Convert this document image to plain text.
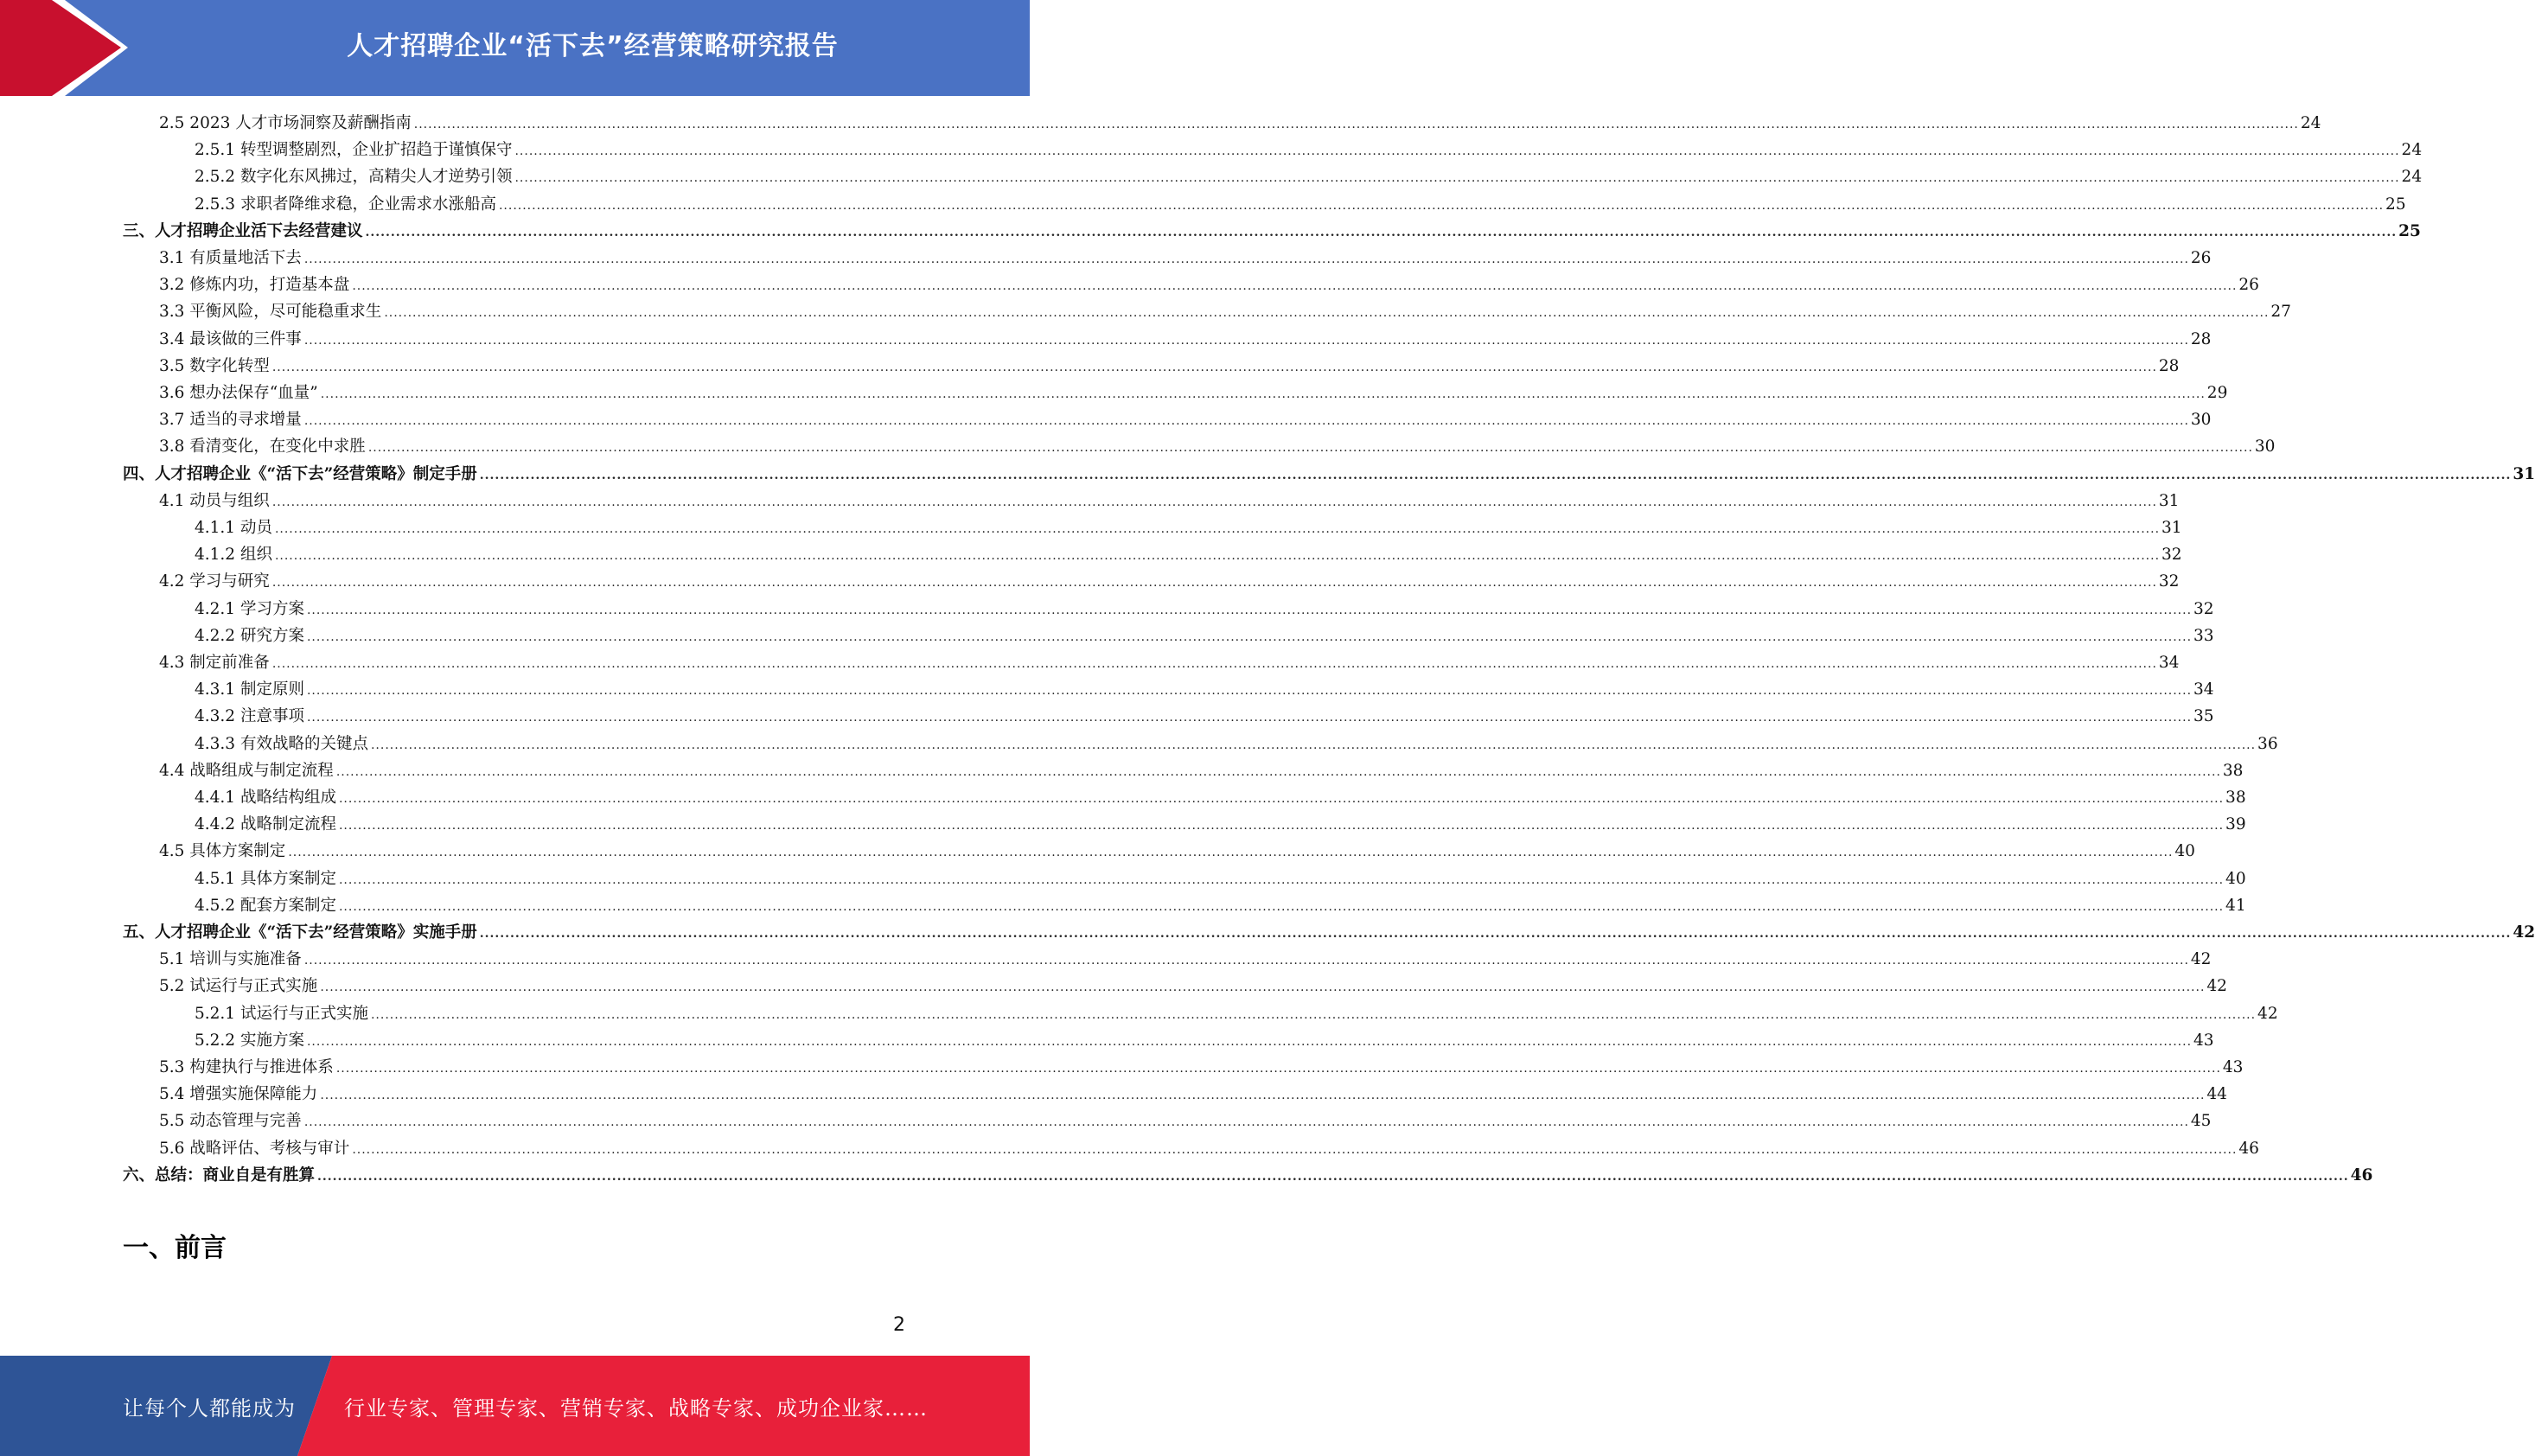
人才招聘企业“活下去”经营策略研究报告
2.5 2023 人才市场洞察及薪酬指南 ................................................................................................................................................................................................................................................................................................................................................................................................................ 24
2.5.1 转型调整剧烈，企业扩招趋于谨慎保守 ................................................................................................................................................................................................................................................................................................................................................................................................................ 24
2.5.2 数字化东风拂过，高精尖人才逆势引领 ................................................................................................................................................................................................................................................................................................................................................................................................................ 24
2.5.3 求职者降维求稳，企业需求水涨船高 ................................................................................................................................................................................................................................................................................................................................................................................................................ 25
三、人才招聘企业活下去经营建议 ................................................................................................................................................................................................................................................................................................................................................................................................................ 25
3.1 有质量地活下去 ................................................................................................................................................................................................................................................................................................................................................................................................................ 26
3.2 修炼内功，打造基本盘 ................................................................................................................................................................................................................................................................................................................................................................................................................ 26
3.3 平衡风险，尽可能稳重求生 ................................................................................................................................................................................................................................................................................................................................................................................................................ 27
3.4 最该做的三件事 ................................................................................................................................................................................................................................................................................................................................................................................................................ 28
3.5 数字化转型 ................................................................................................................................................................................................................................................................................................................................................................................................................ 28
3.6 想办法保存“血量” ................................................................................................................................................................................................................................................................................................................................................................................................................ 29
3.7 适当的寻求增量 ................................................................................................................................................................................................................................................................................................................................................................................................................ 30
3.8 看清变化，在变化中求胜 ................................................................................................................................................................................................................................................................................................................................................................................................................ 30
四、人才招聘企业《“活下去”经营策略》制定手册 ................................................................................................................................................................................................................................................................................................................................................................................................................ 31
4.1 动员与组织 ................................................................................................................................................................................................................................................................................................................................................................................................................ 31
4.1.1 动员 ................................................................................................................................................................................................................................................................................................................................................................................................................ 31
4.1.2 组织 ................................................................................................................................................................................................................................................................................................................................................................................................................ 32
4.2 学习与研究 ................................................................................................................................................................................................................................................................................................................................................................................................................ 32
4.2.1 学习方案 ................................................................................................................................................................................................................................................................................................................................................................................................................ 32
4.2.2 研究方案 ................................................................................................................................................................................................................................................................................................................................................................................................................ 33
4.3 制定前准备 ................................................................................................................................................................................................................................................................................................................................................................................................................ 34
4.3.1 制定原则 ................................................................................................................................................................................................................................................................................................................................................................................................................ 34
4.3.2 注意事项 ................................................................................................................................................................................................................................................................................................................................................................................................................ 35
4.3.3 有效战略的关键点 ................................................................................................................................................................................................................................................................................................................................................................................................................ 36
4.4 战略组成与制定流程 ................................................................................................................................................................................................................................................................................................................................................................................................................ 38
4.4.1 战略结构组成 ................................................................................................................................................................................................................................................................................................................................................................................................................ 38
4.4.2 战略制定流程 ................................................................................................................................................................................................................................................................................................................................................................................................................ 39
4.5 具体方案制定 ................................................................................................................................................................................................................................................................................................................................................................................................................ 40
4.5.1 具体方案制定 ................................................................................................................................................................................................................................................................................................................................................................................................................ 40
4.5.2 配套方案制定 ................................................................................................................................................................................................................................................................................................................................................................................................................ 41
五、人才招聘企业《“活下去”经营策略》实施手册 ................................................................................................................................................................................................................................................................................................................................................................................................................ 42
5.1 培训与实施准备 ................................................................................................................................................................................................................................................................................................................................................................................................................ 42
5.2 试运行与正式实施 ................................................................................................................................................................................................................................................................................................................................................................................................................ 42
5.2.1 试运行与正式实施 ................................................................................................................................................................................................................................................................................................................................................................................................................ 42
5.2.2 实施方案 ................................................................................................................................................................................................................................................................................................................................................................................................................ 43
5.3 构建执行与推进体系 ................................................................................................................................................................................................................................................................................................................................................................................................................ 43
5.4 增强实施保障能力 ................................................................................................................................................................................................................................................................................................................................................................................................................ 44
5.5 动态管理与完善 ................................................................................................................................................................................................................................................................................................................................................................................................................ 45
5.6 战略评估、考核与审计 ................................................................................................................................................................................................................................................................................................................................................................................................................ 46
六、总结：商业自是有胜算 ................................................................................................................................................................................................................................................................................................................................................................................................................ 46
一、前言
2
让每个人都能成为 行业专家、管理专家、营销专家、战略专家、成功企业家……
